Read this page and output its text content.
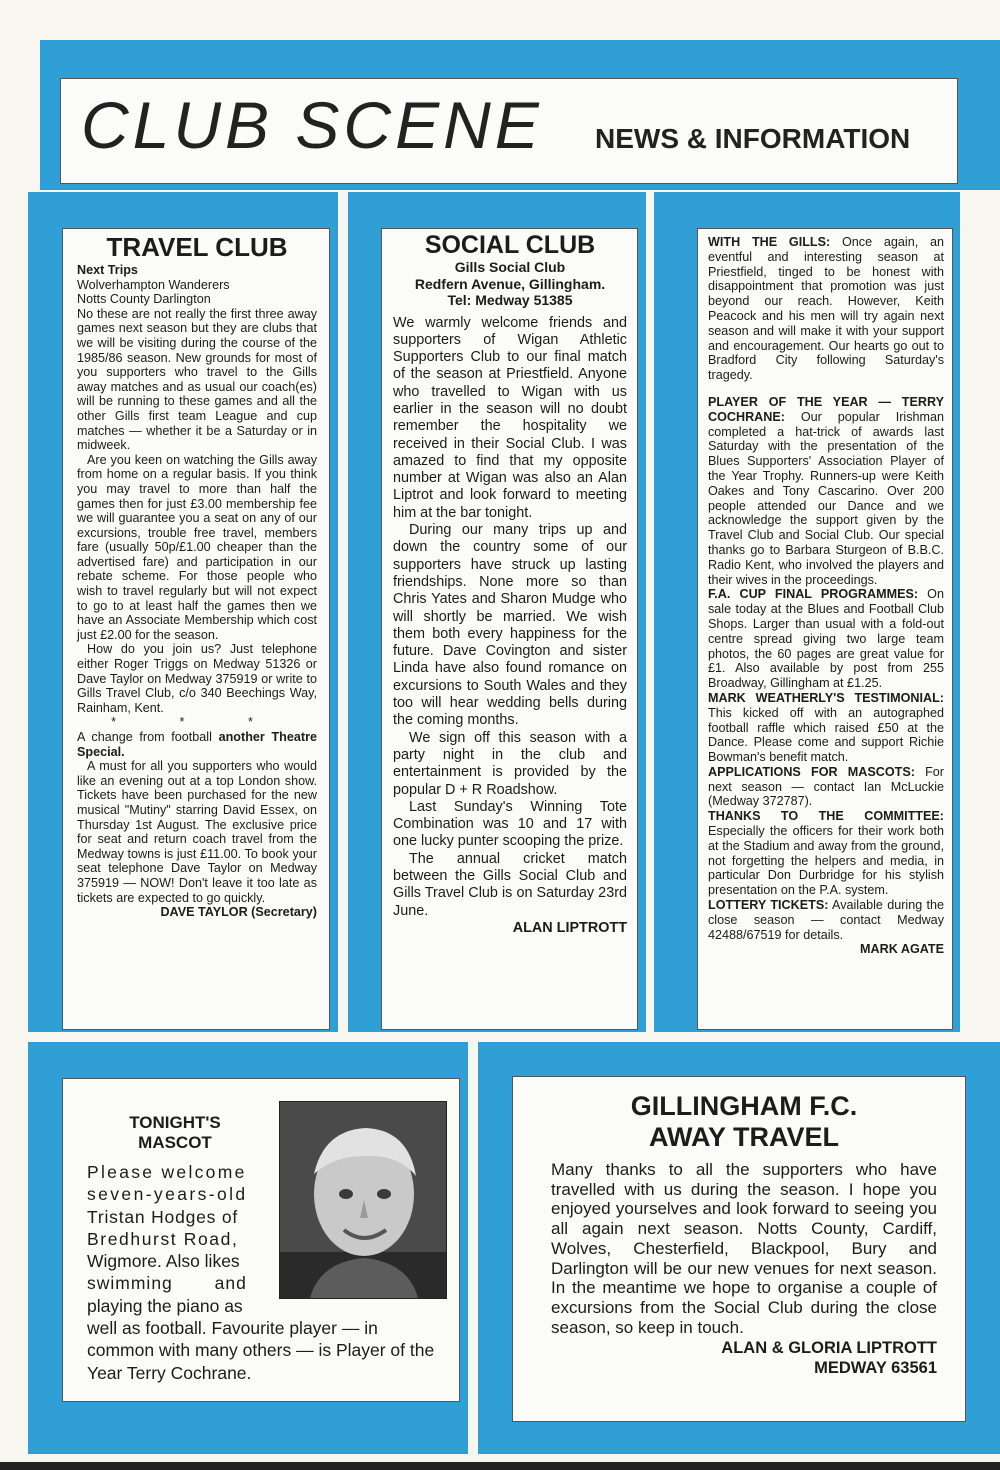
CLUB SCENE NEWS & INFORMATION
TRAVEL CLUB
Next Trips
Wolverhampton Wanderers
Notts County Darlington

No these are not really the first three away games next season but they are clubs that we will be visiting during the course of the 1985/86 season. New grounds for most of you supporters who travel to the Gills away matches and as usual our coach(es) will be running to these games and all the other Gills first team League and cup matches — whether it be a Saturday or in midweek.

Are you keen on watching the Gills away from home on a regular basis. If you think you may travel to more than half the games then for just £3.00 membership fee we will guarantee you a seat on any of our excursions, trouble free travel, members fare (usually 50p/£1.00 cheaper than the advertised fare) and participation in our rebate scheme. For those people who wish to travel regularly but will not expect to go to at least half the games then we have an Associate Membership which cost just £2.00 for the season.

How do you join us? Just telephone either Roger Triggs on Medway 51326 or Dave Taylor on Medway 375919 or write to Gills Travel Club, c/o 340 Beechings Way, Rainham, Kent.

* * *

A change from football another Theatre Special.

A must for all you supporters who would like an evening out at a top London show. Tickets have been purchased for the new musical "Mutiny" starring David Essex, on Thursday 1st August. The exclusive price for seat and return coach travel from the Medway towns is just £11.00. To book your seat telephone Dave Taylor on Medway 375919 — NOW! Don't leave it too late as tickets are expected to go quickly.

DAVE TAYLOR (Secretary)
SOCIAL CLUB
Gills Social Club
Redfern Avenue, Gillingham.
Tel: Medway 51385

We warmly welcome friends and supporters of Wigan Athletic Supporters Club to our final match of the season at Priestfield. Anyone who travelled to Wigan with us earlier in the season will no doubt remember the hospitality we received in their Social Club. I was amazed to find that my opposite number at Wigan was also an Alan Liptrot and look forward to meeting him at the bar tonight.

During our many trips up and down the country some of our supporters have struck up lasting friendships. None more so than Chris Yates and Sharon Mudge who will shortly be married. We wish them both every happiness for the future. Dave Covington and sister Linda have also found romance on excursions to South Wales and they too will hear wedding bells during the coming months.

We sign off this season with a party night in the club and entertainment is provided by the popular D + R Roadshow.

Last Sunday's Winning Tote Combination was 10 and 17 with one lucky punter scooping the prize.

The annual cricket match between the Gills Social Club and Gills Travel Club is on Saturday 23rd June.

ALAN LIPTROTT

WITH THE GILLS: Once again, an eventful and interesting season at Priestfield, tinged to be honest with disappointment that promotion was just beyond our reach. However, Keith Peacock and his men will try again next season and will make it with your support and encouragement. Our hearts go out to Bradford City following Saturday's tragedy.

PLAYER OF THE YEAR — TERRY COCHRANE: Our popular Irishman completed a hat-trick of awards last Saturday with the presentation of the Blues Supporters' Association Player of the Year Trophy. Runners-up were Keith Oakes and Tony Cascarino. Over 200 people attended our Dance and we acknowledge the support given by the Travel Club and Social Club. Our special thanks go to Barbara Sturgeon of B.B.C. Radio Kent, who involved the players and their wives in the proceedings.

F.A. CUP FINAL PROGRAMMES: On sale today at the Blues and Football Club Shops. Larger than usual with a fold-out centre spread giving two large team photos, the 60 pages are great value for £1. Also available by post from 255 Broadway, Gillingham at £1.25.

MARK WEATHERLY'S TESTIMONIAL: This kicked off with an autographed football raffle which raised £50 at the Dance. Please come and support Richie Bowman's benefit match.

APPLICATIONS FOR MASCOTS: For next season — contact Ian McLuckie (Medway 372787).

THANKS TO THE COMMITTEE: Especially the officers for their work both at the Stadium and away from the ground, not forgetting the helpers and media, in particular Don Durbridge for his stylish presentation on the P.A. system.

LOTTERY TICKETS: Available during the close season — contact Medway 42488/67519 for details.

MARK AGATE
TONIGHT'S
MASCOT
Please welcome
seven-years-old
Tristan Hodges of
Bredhurst Road,
Wigmore. Also likes
swimming and
playing the piano as
well as football. Favourite player — in common with many others — is Player of the Year Terry Cochrane.
GILLINGHAM F.C.
AWAY TRAVEL
Many thanks to all the supporters who have travelled with us during the season. I hope you enjoyed yourselves and look forward to seeing you all again next season. Notts County, Cardiff, Wolves, Chesterfield, Blackpool, Bury and Darlington will be our new venues for next season. In the meantime we hope to organise a couple of excursions from the Social Club during the close season, so keep in touch.
ALAN & GLORIA LIPTROTT
MEDWAY 63561
